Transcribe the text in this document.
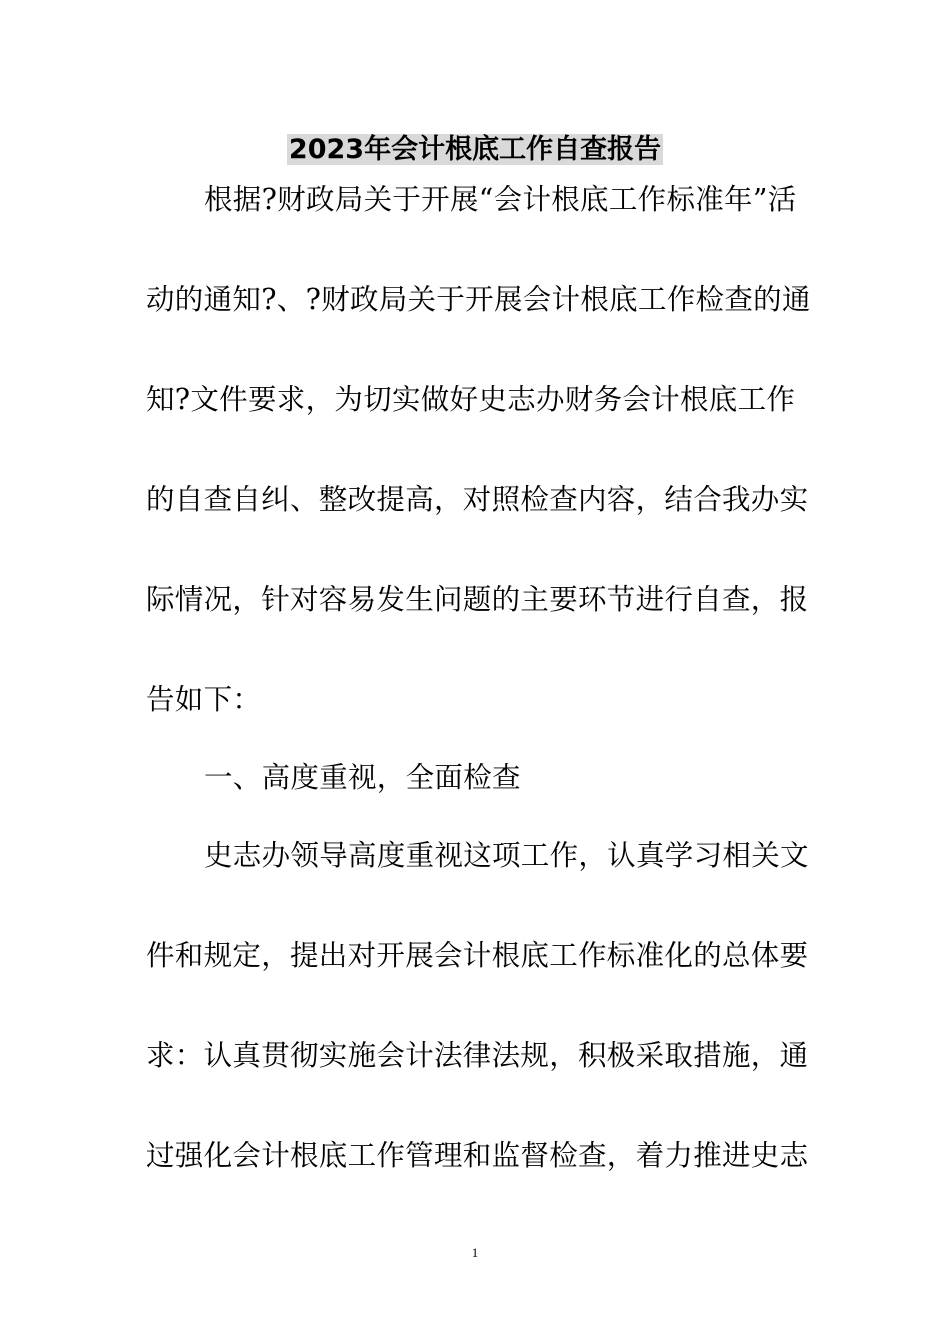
2023年会计根底工作自查报告
根据?财政局关于开展“会计根底工作标准年”活
动的通知?、?财政局关于开展会计根底工作检查的通
知?文件要求，为切实做好史志办财务会计根底工作
的自查自纠、整改提高，对照检查内容，结合我办实
际情况，针对容易发生问题的主要环节进行自查，报
告如下：
一、高度重视，全面检查
史志办领导高度重视这项工作，认真学习相关文
件和规定，提出对开展会计根底工作标准化的总体要
求：认真贯彻实施会计法律法规，积极采取措施，通
过强化会计根底工作管理和监督检查，着力推进史志
1
